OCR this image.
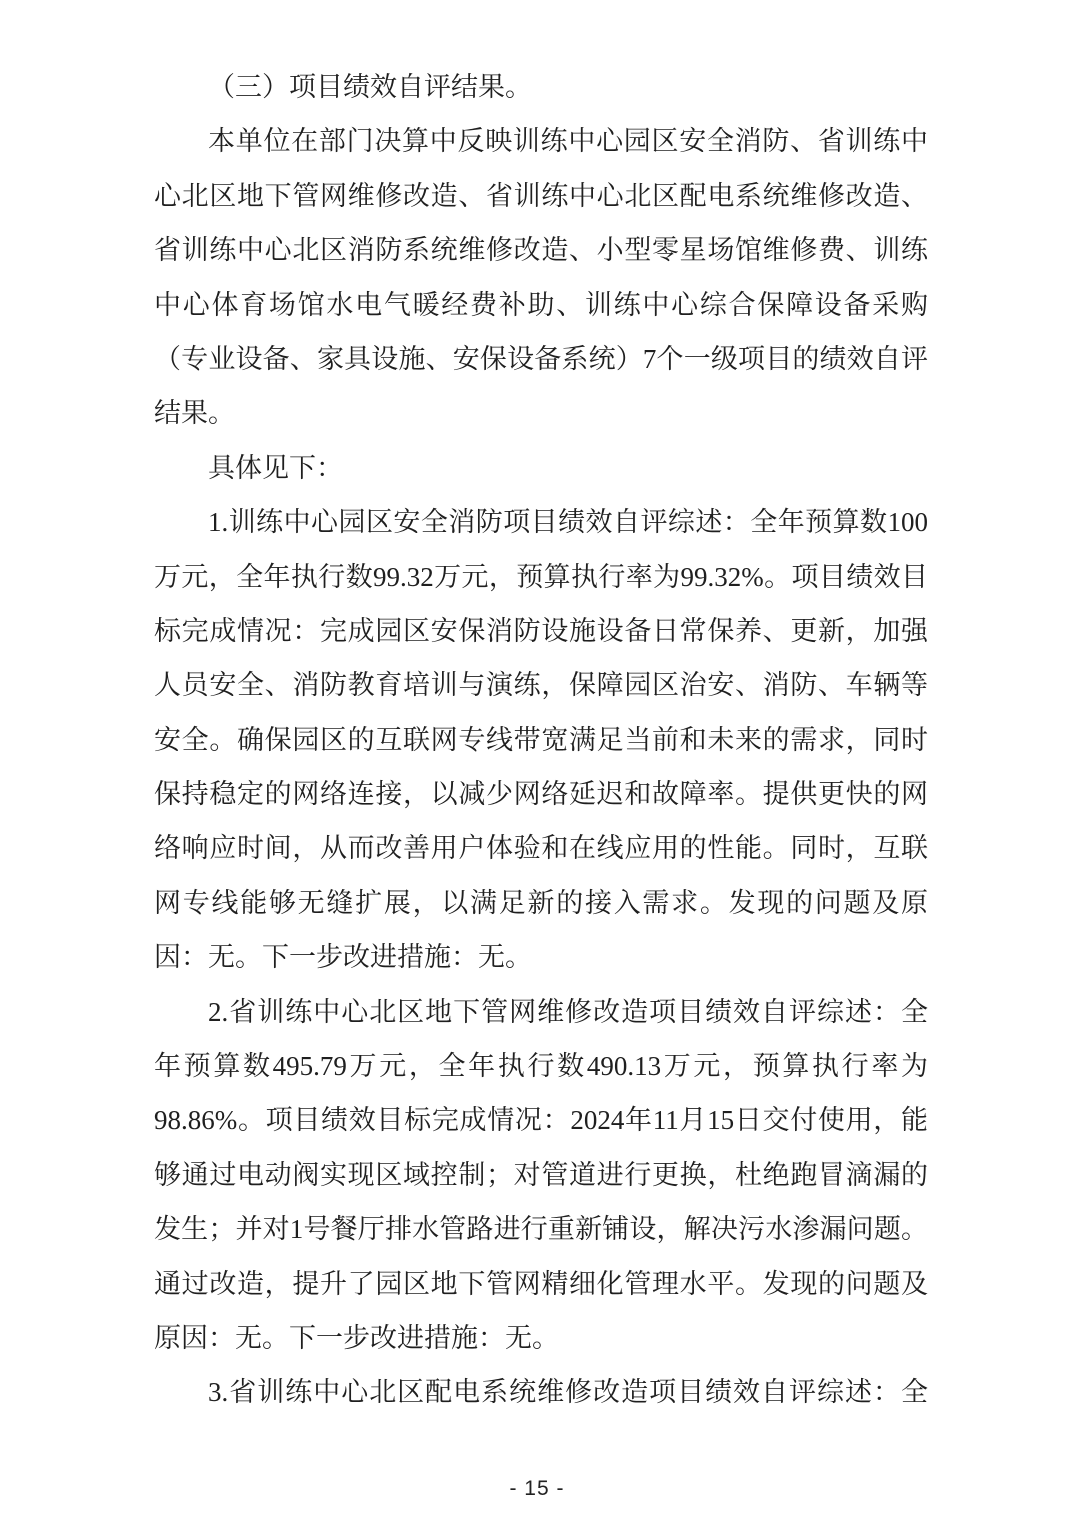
（三）项目绩效自评结果。
本单位在部门决算中反映训练中心园区安全消防、省训练中
心北区地下管网维修改造、省训练中心北区配电系统维修改造、
省训练中心北区消防系统维修改造、小型零星场馆维修费、训练
中心体育场馆水电气暖经费补助、训练中心综合保障设备采购
（专业设备、家具设施、安保设备系统）7个一级项目的绩效自评
结果。
具体见下：
1.训练中心园区安全消防项目绩效自评综述：全年预算数100
万元，全年执行数99.32万元，预算执行率为99.32%。项目绩效目
标完成情况：完成园区安保消防设施设备日常保养、更新，加强
人员安全、消防教育培训与演练，保障园区治安、消防、车辆等
安全。确保园区的互联网专线带宽满足当前和未来的需求，同时
保持稳定的网络连接，以减少网络延迟和故障率。提供更快的网
络响应时间，从而改善用户体验和在线应用的性能。同时，互联
网专线能够无缝扩展，以满足新的接入需求。发现的问题及原
因：无。下一步改进措施：无。
2.省训练中心北区地下管网维修改造项目绩效自评综述：全
年预算数495.79万元，全年执行数490.13万元，预算执行率为
98.86%。项目绩效目标完成情况：2024年11月15日交付使用，能
够通过电动阀实现区域控制；对管道进行更换，杜绝跑冒滴漏的
发生；并对1号餐厅排水管路进行重新铺设，解决污水渗漏问题。
通过改造，提升了园区地下管网精细化管理水平。发现的问题及
原因：无。下一步改进措施：无。
3.省训练中心北区配电系统维修改造项目绩效自评综述：全
- 15 -
